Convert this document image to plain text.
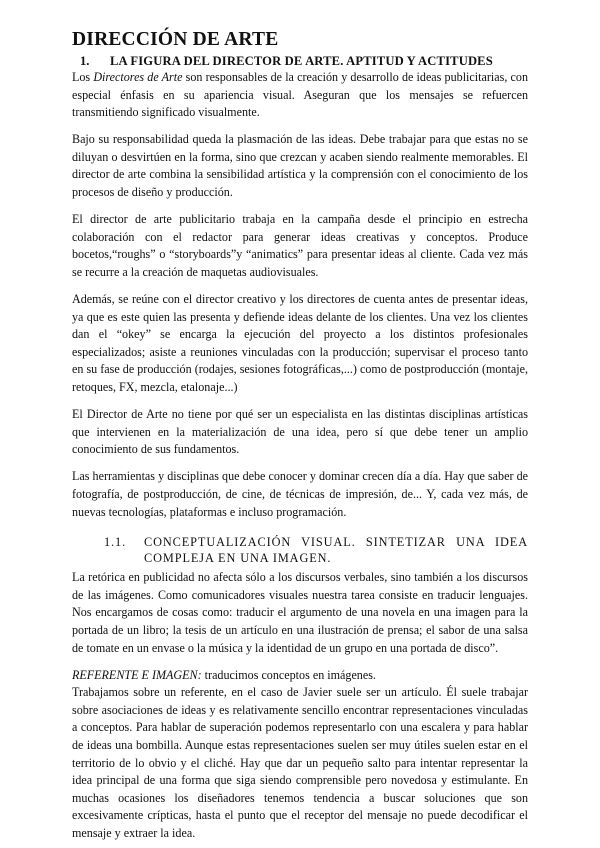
DIRECCIÓN DE ARTE
1.	LA FIGURA DEL DIRECTOR DE ARTE. APTITUD Y ACTITUDES

Los Directores de Arte son responsables de la creación y desarrollo de ideas publicitarias, con especial énfasis en su apariencia visual. Aseguran que los mensajes se refuercen transmitiendo significado visualmente.

Bajo su responsabilidad queda la plasmación de las ideas. Debe trabajar para que estas no se diluyan o desvirtúen en la forma, sino que crezcan y acaben siendo realmente memorables. El director de arte combina la sensibilidad artística y la comprensión con el conocimiento de los procesos de diseño y producción.

El director de arte publicitario trabaja en la campaña desde el principio en estrecha colaboración con el redactor para generar ideas creativas y conceptos. Produce bocetos,“roughs” o “storyboards”y “animatics” para presentar ideas al cliente. Cada vez más se recurre a la creación de maquetas audiovisuales.

Además, se reúne con el director creativo y los directores de cuenta antes de presentar ideas, ya que es este quien las presenta y defiende ideas delante de los clientes. Una vez los clientes dan el “okey” se encarga la ejecución del proyecto a los distintos profesionales especializados; asiste a reuniones vinculadas con la producción; supervisar el proceso tanto en su fase de producción (rodajes, sesiones fotográficas,...) como de postproducción (montaje, retoques, FX, mezcla, etalonaje...)

El Director de Arte no tiene por qué ser un especialista en las distintas disciplinas artísticas que intervienen en la materialización de una idea, pero sí que debe tener un amplio conocimiento de sus fundamentos.

Las herramientas y disciplinas que debe conocer y dominar crecen día a día. Hay que saber de fotografía, de postproducción, de cine, de técnicas de impresión, de... Y, cada vez más, de nuevas tecnologías, plataformas e incluso programación.

1.1.	CONCEPTUALIZACIÓN VISUAL. SINTETIZAR UNA IDEA COMPLEJA EN UNA IMAGEN.

La retórica en publicidad no afecta sólo a los discursos verbales, sino también a los discursos de las imágenes. Como comunicadores visuales nuestra tarea consiste en traducir lenguajes. Nos encargamos de cosas como: traducir el argumento de una novela en una imagen para la portada de un libro; la tesis de un artículo en una ilustración de prensa; el sabor de una salsa de tomate en un envase o la música y la identidad de un grupo en una portada de disco”.

REFERENTE E IMAGEN: traducimos conceptos en imágenes.

Trabajamos sobre un referente, en el caso de Javier suele ser un artículo. Él suele trabajar sobre asociaciones de ideas y es relativamente sencillo encontrar representaciones vinculadas a conceptos. Para hablar de superación podemos representarlo con una escalera y para hablar de ideas una bombilla. Aunque estas representaciones suelen ser muy útiles suelen estar en el territorio de lo obvio y el cliché. Hay que dar un pequeño salto para intentar representar la idea principal de una forma que siga siendo comprensible pero novedosa y estimulante. En muchas ocasiones los diseñadores tenemos tendencia a buscar soluciones que son excesivamente crípticas, hasta el punto que el receptor del mensaje no puede decodificar el mensaje y extraer la idea.
